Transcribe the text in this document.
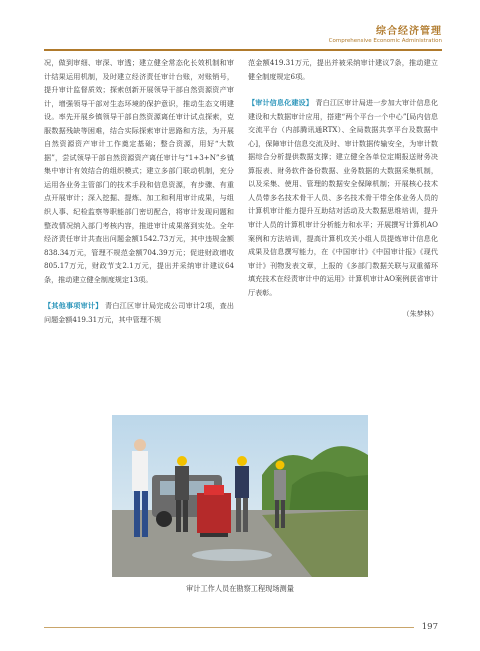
综合经济管理
Comprehensive Economic Administration
况，做到审细、审深、审透；建立健全常态化长效机制和审计结果运用机制，及时建立经济责任审计台账，对账销号，提升审计监督质效；探索创新开展领导干部自然资源资产审计，增强领导干部对生态环境的保护意识，推动生态文明建设。率先开展乡镇领导干部自然资源离任审计试点探索，克服数据残缺等困难，结合实际探索审计思路和方法，为开展自然资源资产审计工作奠定基础；整合资源，用好“大数据”，尝试领导干部自然资源资产离任审计与“1+3+N”乡镇集中审计有效结合的组织模式；建立多部门联动机制，充分运用各业务主管部门的技术手段和信息资源，有步骤、有重点开展审计；深入挖掘、提炼、加工和利用审计成果，与组织人事、纪检监察等职能部门密切配合，将审计发现问题和整改情况纳入部门考核内容，推进审计成果落到实处。全年经济责任审计共查出问题金额1542.73万元，其中违规金额838.34万元，管理不规范金额704.39万元；促进财政增收805.17万元，财政节支2.1万元，提出并采纳审计建议64条，推动建立健全制度规定13项。
【其他事项审计】 青白江区审计局完成公司审计2项，查出问题金额419.31万元，其中管理不规
范金额419.31万元，提出并被采纳审计建议7条，推动建立健全制度规定6项。
【审计信息化建设】 青白江区审计局进一步加大审计信息化建设和大数据审计应用，搭建“两个平台一个中心”[局内信息交流平台（内部腾讯通RTX）、全局数据共享平台及数据中心]，保障审计信息交流及时、审计数据传输安全，为审计数据综合分析提供数据支撑；建立健全各单位定期报送财务决算报表、财务软件备份数据、业务数据的大数据采集机制，以及采集、使用、管理的数据安全保障机制；开展核心技术人员带多名技术骨干人员、多名技术骨干带全体业务人员的计算机审计能力提升互助结对活动及大数据思维培训，提升审计人员的计算机审计分析能力和水平；开展撰写计算机AO案例和方法培训，提高计算机攻关小组人员提炼审计信息化成果及信息撰写能力，在《中国审计》《中国审计报》《现代审计》刊物发表文章，上报的《多部门数据关联与双重循环填充技术在经责审计中的运用》计算机审计AO案例获省审计厅表彰。
（朱梦林）
审计工作人员在勘察工程现场测量
197
